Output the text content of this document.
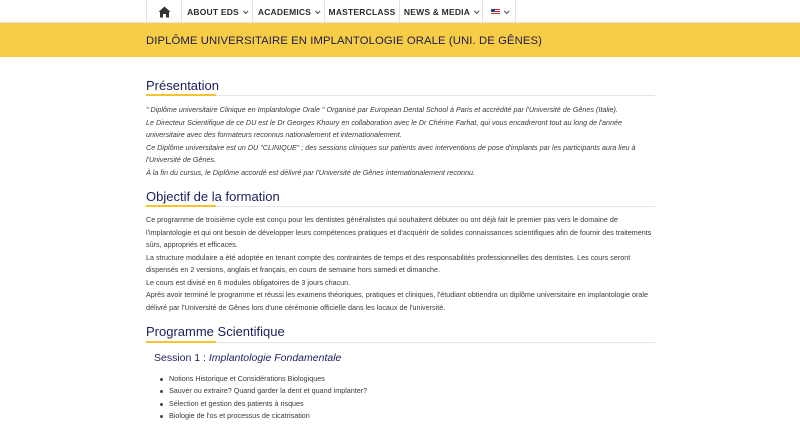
ABOUT EDS ACADEMICS MASTERCLASS NEWS & MEDIA
DIPLÔME UNIVERSITAIRE EN IMPLANTOLOGIE ORALE (UNI. DE GÊNES)
Présentation
" Diplôme universitaire Clinique en Implantologie Orale " Organisé par European Dental School à Paris et accrédité par l'Université de Gênes (Italie).
Le Directeur Scientifique de ce DU est le Dr Georges Khoury en collaboration avec le Dr Chérine Farhat, qui vous encadreront tout au long de l'année universitaire avec des formateurs reconnus nationalement et internationalement.
Ce Diplôme universitaire est un DU "CLINIQUE" ; des sessions cliniques sur patients avec interventions de pose d'implants par les participants aura lieu à l'Université de Gênes.
À la fin du cursus, le Diplôme accordé est délivré par l'Université de Gênes internationalement reconnu.
Objectif de la formation
Ce programme de troisième cycle est conçu pour les dentistes généralistes qui souhaitent débuter ou ont déjà fait le premier pas vers le domaine de l'implantologie et qui ont besoin de développer leurs compétences pratiques et d'acquérir de solides connaissances scientifiques afin de fournir des traitements sûrs, appropriés et efficaces.
La structure modulaire a été adoptée en tenant compte des contraintes de temps et des responsabilités professionnelles des dentistes. Les cours seront dispensés en 2 versions, anglais et français, en cours de semaine hors samedi et dimanche.
Le cours est divisé en 6 modules obligatoires de 3 jours chacun.
Après avoir terminé le programme et réussi les examens théoriques, pratiques et cliniques, l'étudiant obtiendra un diplôme universitaire en implantologie orale délivré par l'Université de Gênes lors d'une cérémonie officielle dans les locaux de l'université.
Programme Scientifique
Session 1 : Implantologie Fondamentale
Notions Historique et Considérations Biologiques
Sauver ou extraire? Quand garder la dent et quand implanter?
Sélection et gestion des patients à risques
Biologie de l'os et processus de cicatrisation
